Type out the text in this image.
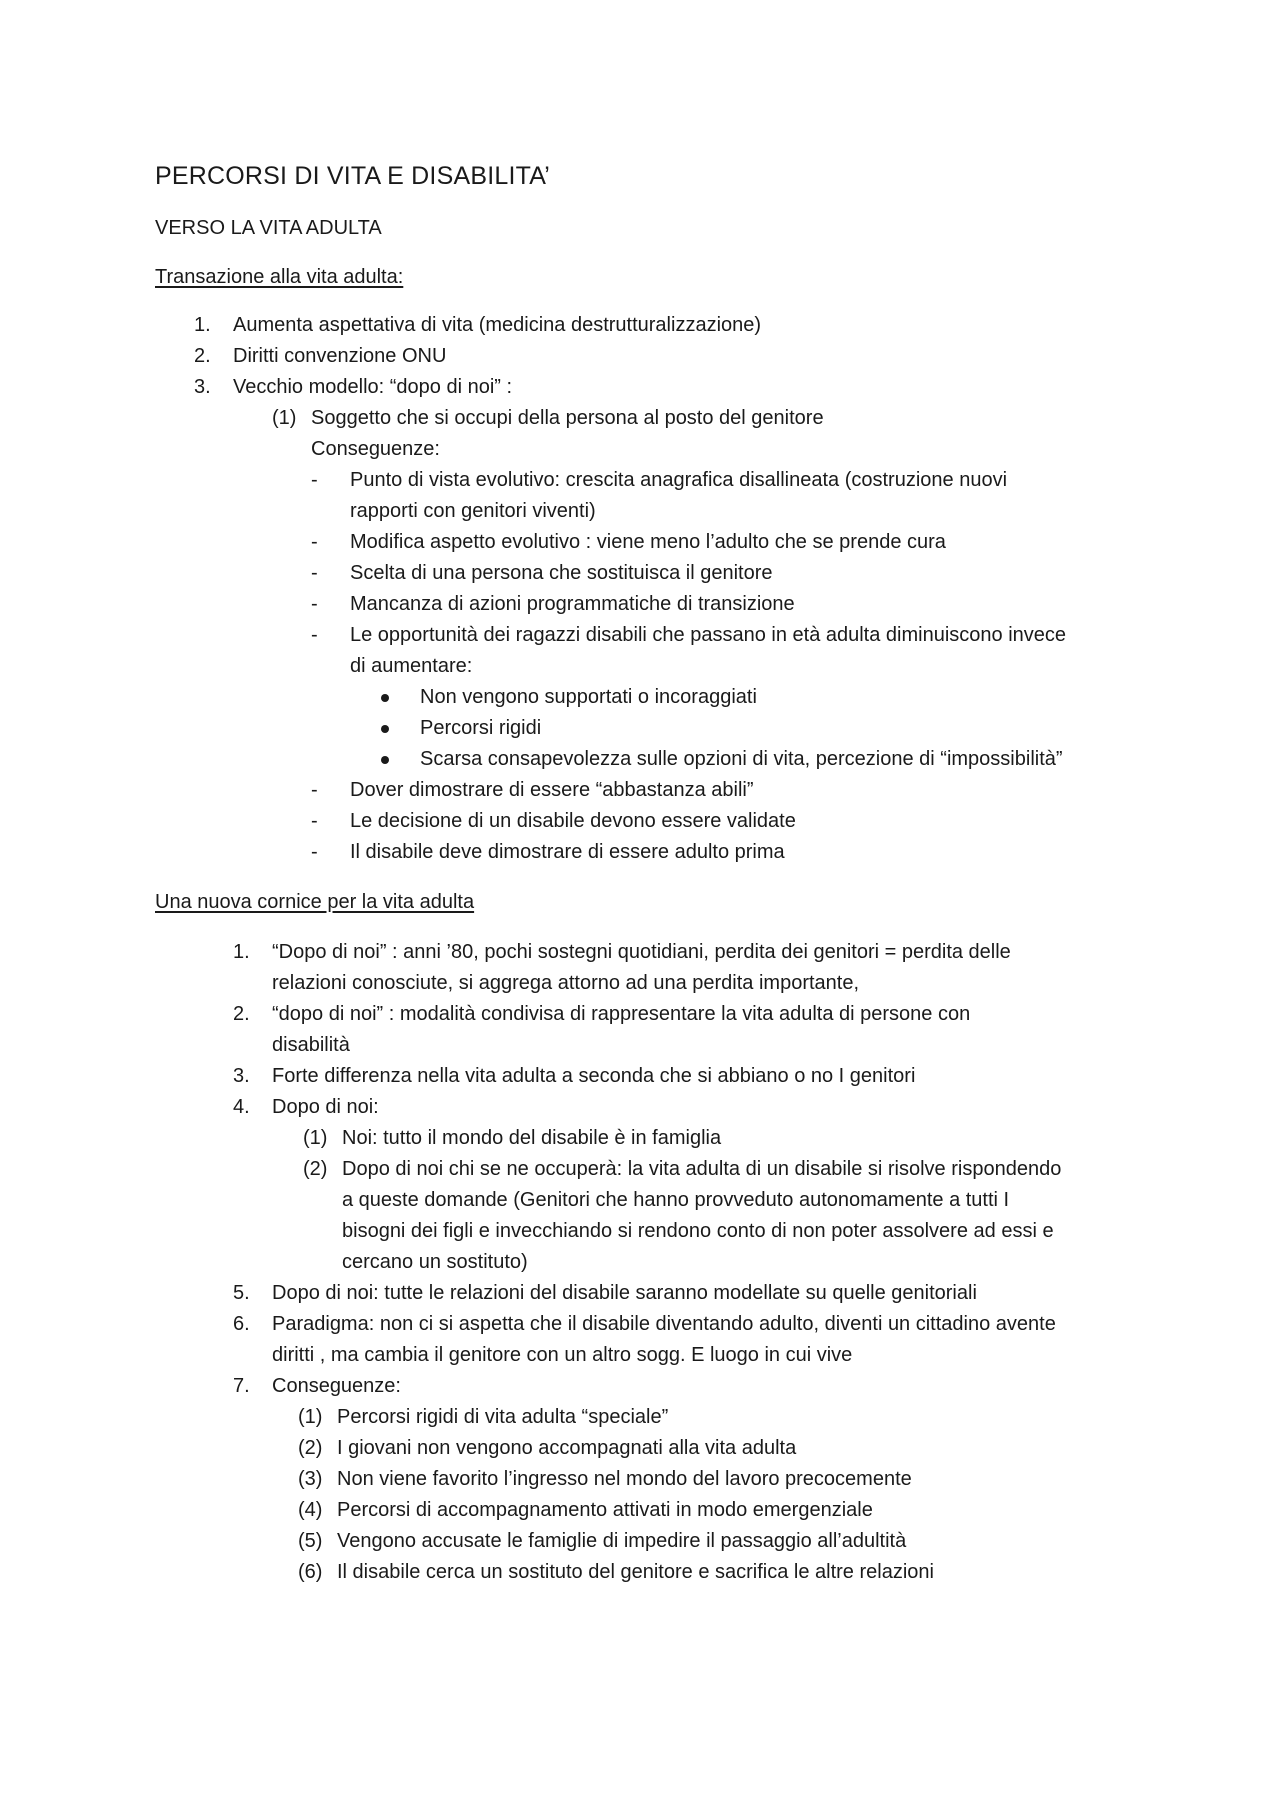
PERCORSI DI VITA E DISABILITA’
VERSO LA VITA ADULTA
Transazione alla vita adulta:
1. Aumenta aspettativa di vita (medicina destrutturalizzazione)
2. Diritti convenzione ONU
3. Vecchio modello: “dopo di noi” :
(1) Soggetto che si occupi della persona al posto del genitore
Conseguenze:
- Punto di vista evolutivo: crescita anagrafica disallineata (costruzione nuovi
rapporti con genitori viventi)
- Modifica aspetto evolutivo : viene meno l’adulto che se prende cura
- Scelta di una persona che sostituisca il genitore
- Mancanza di azioni programmatiche di transizione
- Le opportunità dei ragazzi disabili che passano in età adulta diminuiscono invece
di aumentare:
Non vengono supportati o incoraggiati
Percorsi rigidi
Scarsa consapevolezza sulle opzioni di vita, percezione di “impossibilità”
- Dover dimostrare di essere “abbastanza abili”
- Le decisione di un disabile devono essere validate
- Il disabile deve dimostrare di essere adulto prima
Una nuova cornice per la vita adulta
1. “Dopo di noi” : anni ’80, pochi sostegni quotidiani, perdita dei genitori = perdita delle
relazioni conosciute, si aggrega attorno ad una perdita importante,
2. “dopo di noi” : modalità condivisa di rappresentare la vita adulta di persone con
disabilità
3. Forte differenza nella vita adulta a seconda che si abbiano o no I genitori
4. Dopo di noi:
(1) Noi: tutto il mondo del disabile è in famiglia
(2) Dopo di noi chi se ne occuperà: la vita adulta di un disabile si risolve rispondendo
a queste domande (Genitori che hanno provveduto autonomamente a tutti I
bisogni dei figli e invecchiando si rendono conto di non poter assolvere ad essi e
cercano un sostituto)
5. Dopo di noi: tutte le relazioni del disabile saranno modellate su quelle genitoriali
6. Paradigma: non ci si aspetta che il disabile diventando adulto, diventi un cittadino avente
diritti , ma cambia il genitore con un altro sogg. E luogo in cui vive
7. Conseguenze:
(1) Percorsi rigidi di vita adulta “speciale”
(2) I giovani non vengono accompagnati alla vita adulta
(3) Non viene favorito l’ingresso nel mondo del lavoro precocemente
(4) Percorsi di accompagnamento attivati in modo emergenziale
(5) Vengono accusate le famiglie di impedire il passaggio all’adultità
(6) Il disabile cerca un sostituto del genitore e sacrifica le altre relazioni
